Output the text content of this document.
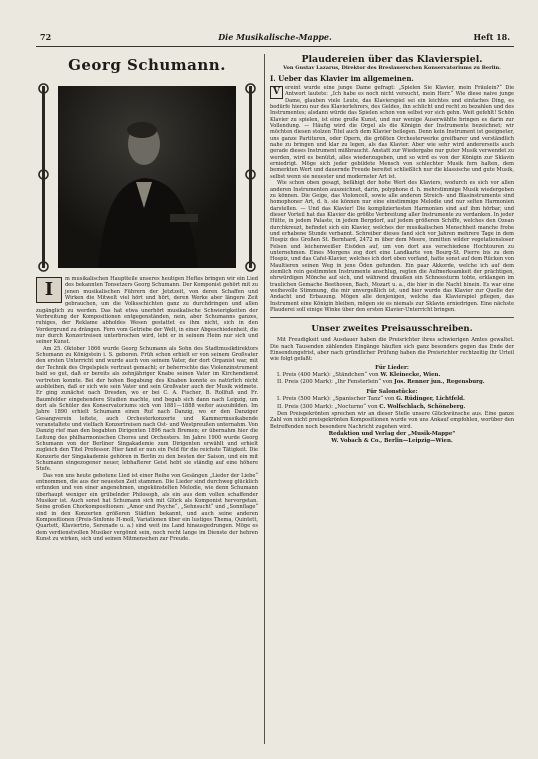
72	Die Musikalische-Mappe.	Heft 18.
Georg Schumann.
I	m musikalischen Hauptteile unseres heutigen Heftes bringen wir ein Lied des bekannten Tonsetzers Georg Schumann. Der Komponist gehört mit zu jenen musikalischen Führern der Jetztzeit, von deren Schaffen und Wirken die Mitwelt viel hört und hört, deren Werke aber längere Zeit gebrauchen, um die Volksschichten ganz zu durchdringen und allen zugänglich zu werden. Das hat etwa unerhört musikalische Schwierigkeiten der Verbreitung der Kompositionen entgegenständen, nein, aber Schumanns ganzes, ruhiges, der Reklame abholdes Wesen gestattet es ihm nicht, sich in den Vordergrund zu drängen. Fern vom Getriebe der Welt, in einer Abgeschiedenheit, die nur durch Konzertreisen unterbrochen wird, lebt er in seinem Heim nur sich und seiner Kunst.

Am 25. Oktober 1866 wurde Georg Schumann als Sohn des Stadtmusikdirektors Schumann zu Königstein i. S. geboren. Früh schon erhielt er von seinem Großvater den ersten Unterricht und wurde auch von seinem Vater, der dort Organist war, mit der Technik des Orgelspiels vertraut gemacht; er beherrschte das Violenzinstrument bald so gut, daß er bereits als zehnjähriger Knabe seinen Vater im Kirchendienst vertreten konnte. Bei der hohen Begabung des Knaben konnte es natürlich nicht ausbleiben, daß er sich wie sein Vater und sein Großvater auch der Musik widmete. Er ging zunächst nach Dresden, wo er bei C. A. Fischer, B. Rollfuß und Fr. Baumfelder eingehendere Studien machte, und begab sich dann nach Leipzig, um dort als Schüler des Konservatoriums sich von 1881—1888 weiter auszubilden. Im Jahre 1890 erhielt Schumann einen Ruf nach Danzig, wo er den Danziger Gesangverein leitete, auch Orchesterkonzerte und Kammermusikabende veranstaltete und vielfach Konzertreisen nach Ost- und Westpreußen unternahm. Von Danzig rief man den begabten Dirigenten 1896 nach Bremen; er übernahm hier die Leitung des philharmonischen Chores und Orchesters. Im Jahre 1900 wurde Georg Schumann von der Berliner Singakademie zum Dirigenten erwählt und erhielt zugleich den Titel Professor. Hier fand er nun ein Feld für die reichste Tätigkeit. Die Konzerte der Singakademie gehören in Berlin zu den besten der Saison, und ein mit Schumann eingezogener neuer, lebhafterer Geist hebt sie ständig auf eine höhere Stufe.

Das von uns heute gebotene Lied ist einer Reihe von Gesängen „Lieder der Liebe“ entnommen, die aus der neuesten Zeit stammen. Die Lieder sind durchweg glücklich erfunden und von einer angenehmen, ungekünstelten Melodie, wie denn Schumann überhaupt weniger ein grübelnder Philosoph, als ein aus dem vollen schaffender Musiker ist. Auch sonst hat Schumann sich mit Glück als Komponist hervorgetan. Seine großen Chorkompositionen: „Amor und Psyche“, „Sehnsucht“ und „Sonnflage“ sind in den Konzerten größeren Städten bekannt, und auch seine anderen Kompositionen (Preis-Sinfonie H-moll, Variationen über ein lustiges Thema, Quintett, Quartett, Klaviertrio, Serenade u. a.) sind weit ins Land hinausgedrungen. Möge es dem verdienstvollen Musiker vergönnt sein, noch recht lange im Dienste der hehren Kunst zu wirken, sich und seinen Mitmenschen zur Freude.

Plaudereien über das Klavierspiel.
Von Gustav Lazarus, Direktor des Breslauerschen Konservatoriums zu Berlin.
I. Ueber das Klavier im allgemeinen.
V ereint wurde eine junge Dame gefragt: „Spielen Sie Klavier, mein Fräulein?“ Die Antwort lautete: „Ich habe es noch nicht versucht, mein Herr.“ Wie diese naive junge Dame, glauben viele Leute, das Klavierspiel sei ein leichtes und einfaches Ding, es bedürfe hierzu nur des Klavierlehrers, des Geldes, ihn schlicht und recht zu bezahlen und des Instrumentes; alsdann würde das Spielen schon von selbst vor sich gehn. Weit gefehlt! Schön Klavier zu spielen, ist eine große Kunst, und nur wenige Auserwählte bringen es darin zur Vollendung. — Häufig wird die Orgel als die Königin der Instrumente bezeichnet; wir möchten diesen stolzen Titel auch dem Klavier beilegen. Denn kein Instrument ist geeigneter, uns ganze Partituren, oder Opern, die größten Orchesterwerke greifbarer und verständlich nahe zu bringen und klar zu legen, als das Klavier. Aber wie sehr wird andererseits auch gerade dieses Instrument mißbraucht. Anstatt zur Wiedergabe nur guter Musik verwendet zu werden, wird es benützt, alles wiederzugeben, und so wird es von der Königin zur Sklavin erniedrigt. Möge sich jeder gebildete Mensch von schlechter Musik fern halten, dem bemerkten Wert und dauernde Freude bereitet schließlich nur die klassische und gute Musik, selbst wenn sie neuester und modernster Art ist.

Wie schon oben gesagt, befähigt der hohe Wert des Klaviers, wodurch es sich vor allen anderen Instrumenten auszeichnet, darin, polyphone d. h. mehrstimmige Musik wiedergeben zu können. Die Geige, das Violoncell, sowie alle anderen Streich- und Blasinstrumente sind homophoner Art, d. h. sie können nur eine einstimmige Melodie und nur selten Harmonien darstellen. — Und das Klavier! Die kompliziertesten Harmonien sind auf ihm hörbar, und dieser Vorteil hat das Klavier die größte Verbreitung aller Instrumente zu verdanken. In jeder Hütte, in jedem Palaste, in jedem Bergdorf, auf jedem größeren Schiffe, welches den Ozean durchkreuzt, befindet sich ein Klavier, welches der musikalischen Menschheit manche frohe und erhabene Stunde verbannt. Schreiber dieses fand sich vor Jahren mehrere Tage in dem Hospiz des Großen St. Bernhard, 2472 m über dem Meere, inmitten wilder vegetationsloser Felsen und leichenweißer Eisöden auf, um von dort aus verschiedene Hochtouren zu unternehmen. Eines Morgens zog dort eine Landkarte von Bourg-St. Pierre bis zu dem Hospiz, und das Cafel-Klavier, welches ich dort oben vorfand, hatte sonst auf dem Rücken von Maultieren seinen Weg in jene Öden gefunden. Ein paar Akkorde, welche ich auf dem ziemlich rein gestimmten Instrumente anschlug, regten die Aufmerksamkeit der prächtigen, ehrwürdigen Mönche auf sich, und während draußen ein Schneesturm tobte, erklangen im traulichen Gemache Beethoven, Bach, Mozart u. a., die hier in die Nacht hinein. Es war eine weihevolle Stimmung, die mir unvergeßlich ist, und hier wurde das Klavier zur Quelle der Andacht und Erbauung. Mögen alle denjenigen, welche das Klavierspiel pflegen, das Instrument eine Königin bleiben, mögen sie es niemals zur Sklavin erniedrigen. Eine nächste Plauderei soll einige Winke über den ersten Klavier-Unterricht bringen.

Unser zweites Preisausschreiben.

Mit Freudigkeit und Ausdauer haben die Preisrichter ihres schwierigen Amtes gewaltet. Die nach Tausenden zählenden Eingänge häuften sich ganz besonders gegen das Ende der Einsendungsfrist, aber nach gründlicher Prüfung haben die Preisrichter rechtzeitig ihr Urteil wie folgt gefaßt:

Für Lieder:

I. Preis (400 Mark): „Ständchen“ von W. Kleinecke, Wien.

II. Preis (200 Mark): „Ihr Fensterlein“ von Jos. Renner jun., Regensburg.

Für Salonstücke:

I. Preis (500 Mark): „Spanischer Tanz“ von G. Rüdinger, Lichtfeld.

II. Preis (300 Mark): „Nocturno“ von C. Wolfschlach, Schöneberg.

Den Preisgekrönten sprechen wir an dieser Stelle unsere Glückwünsche aus. Eine ganze Zahl von nicht preisgekrönten Kompositionen wurde von uns Ankauf empfohlen, worüber den Betreffenden noch besondere Nachricht zugehen wird.

Redaktion und Verlag der „Musik-Mappe“
W. Vobach & Co., Berlin—Leipzig—Wien.
